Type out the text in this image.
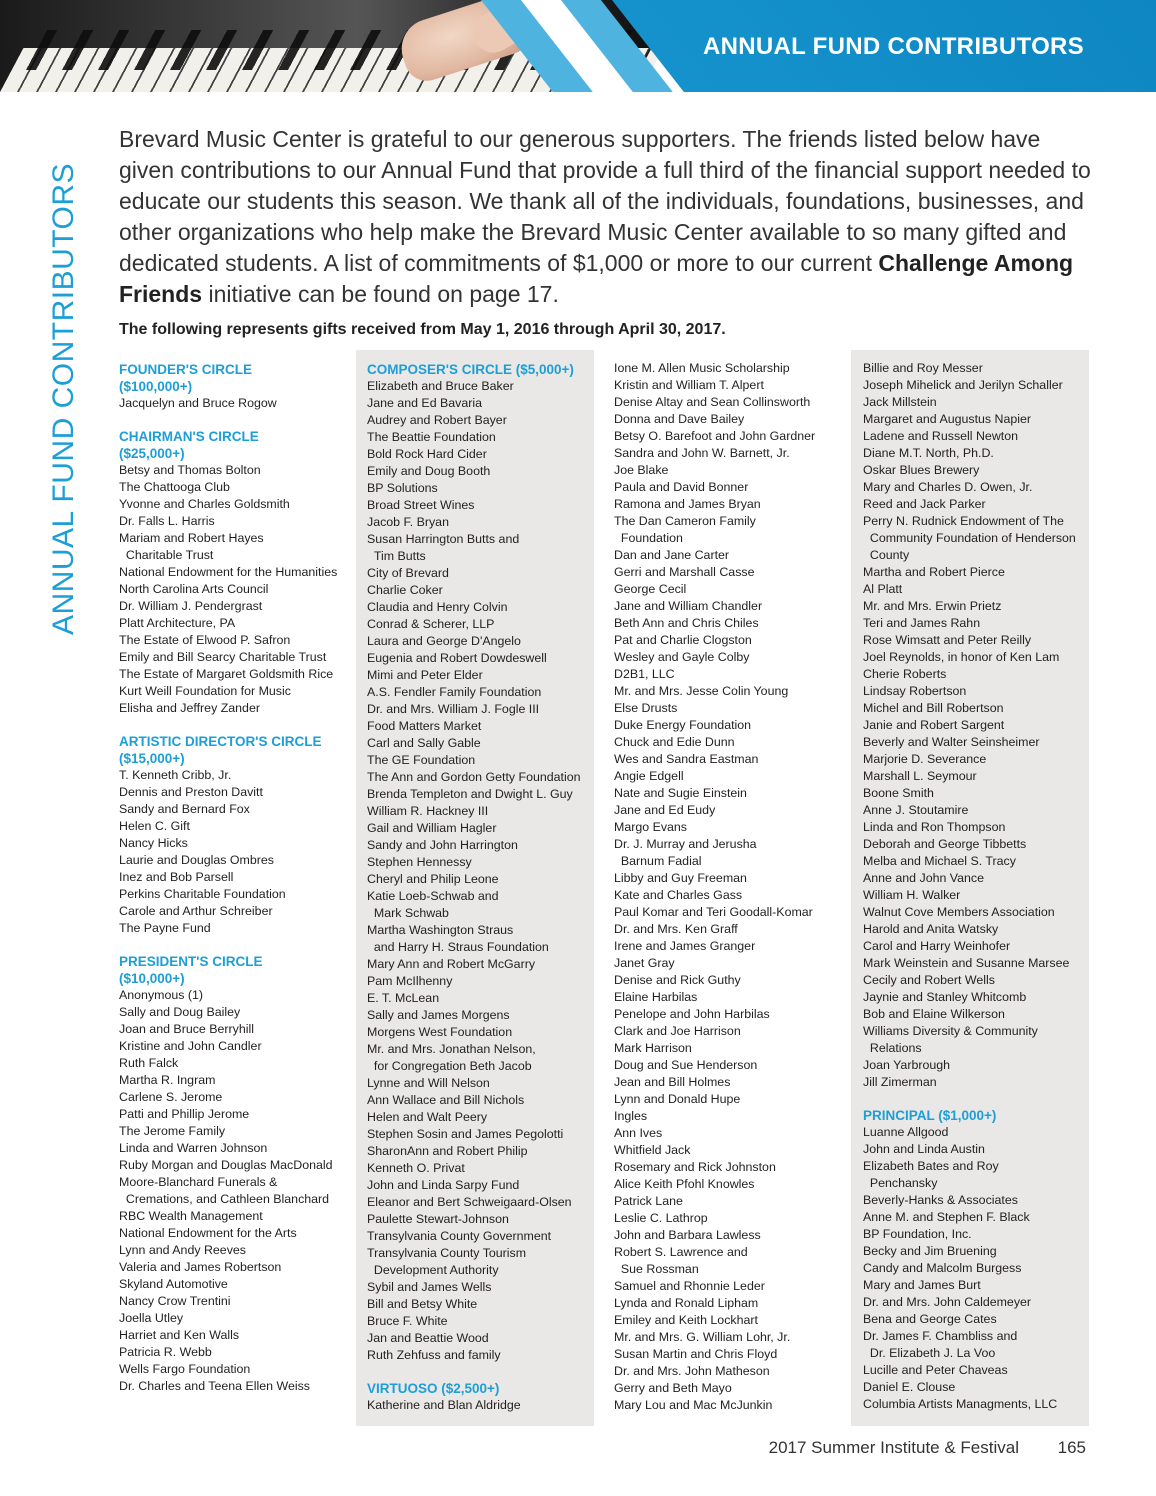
ANNUAL FUND CONTRIBUTORS
ANNUAL FUND CONTRIBUTORS
Brevard Music Center is grateful to our generous supporters. The friends listed below have given contributions to our Annual Fund that provide a full third of the financial support needed to educate our students this season. We thank all of the individuals, foundations, businesses, and other organizations who help make the Brevard Music Center available to so many gifted and dedicated students. A list of commitments of $1,000 or more to our current Challenge Among Friends initiative can be found on page 17.
The following represents gifts received from May 1, 2016 through April 30, 2017.
FOUNDER'S CIRCLE
($100,000+)
Jacquelyn and Bruce Rogow
CHAIRMAN'S CIRCLE
($25,000+)
Betsy and Thomas Bolton
The Chattooga Club
Yvonne and Charles Goldsmith
Dr. Falls L. Harris
Mariam and Robert Hayes
Charitable Trust
National Endowment for the Humanities
North Carolina Arts Council
Dr. William J. Pendergrast
Platt Architecture, PA
The Estate of Elwood P. Safron
Emily and Bill Searcy Charitable Trust
The Estate of Margaret Goldsmith Rice
Kurt Weill Foundation for Music
Elisha and Jeffrey Zander
ARTISTIC DIRECTOR'S CIRCLE
($15,000+)
T. Kenneth Cribb, Jr.
Dennis and Preston Davitt
Sandy and Bernard Fox
Helen C. Gift
Nancy Hicks
Laurie and Douglas Ombres
Inez and Bob Parsell
Perkins Charitable Foundation
Carole and Arthur Schreiber
The Payne Fund
PRESIDENT'S CIRCLE
($10,000+)
Anonymous (1)
Sally and Doug Bailey
Joan and Bruce Berryhill
Kristine and John Candler
Ruth Falck
Martha R. Ingram
Carlene S. Jerome
Patti and Phillip Jerome
The Jerome Family
Linda and Warren Johnson
Ruby Morgan and Douglas MacDonald
Moore-Blanchard Funerals &
Cremations, and Cathleen Blanchard
RBC Wealth Management
National Endowment for the Arts
Lynn and Andy Reeves
Valeria and James Robertson
Skyland Automotive
Nancy Crow Trentini
Joella Utley
Harriet and Ken Walls
Patricia R. Webb
Wells Fargo Foundation
Dr. Charles and Teena Ellen Weiss
COMPOSER'S CIRCLE ($5,000+)
Elizabeth and Bruce Baker
Jane and Ed Bavaria
Audrey and Robert Bayer
The Beattie Foundation
Bold Rock Hard Cider
Emily and Doug Booth
BP Solutions
Broad Street Wines
Jacob F. Bryan
Susan Harrington Butts and
Tim Butts
City of Brevard
Charlie Coker
Claudia and Henry Colvin
Conrad & Scherer, LLP
Laura and George D'Angelo
Eugenia and Robert Dowdeswell
Mimi and Peter Elder
A.S. Fendler Family Foundation
Dr. and Mrs. William J. Fogle III
Food Matters Market
Carl and Sally Gable
The GE Foundation
The Ann and Gordon Getty Foundation
Brenda Templeton and Dwight L. Guy
William R. Hackney III
Gail and William Hagler
Sandy and John Harrington
Stephen Hennessy
Cheryl and Philip Leone
Katie Loeb-Schwab and
Mark Schwab
Martha Washington Straus
and Harry H. Straus Foundation
Mary Ann and Robert McGarry
Pam McIlhenny
E. T. McLean
Sally and James Morgens
Morgens West Foundation
Mr. and Mrs. Jonathan Nelson,
for Congregation Beth Jacob
Lynne and Will Nelson
Ann Wallace and Bill Nichols
Helen and Walt Peery
Stephen Sosin and James Pegolotti
SharonAnn and Robert Philip
Kenneth O. Privat
John and Linda Sarpy Fund
Eleanor and Bert Schweigaard-Olsen
Paulette Stewart-Johnson
Transylvania County Government
Transylvania County Tourism
Development Authority
Sybil and James Wells
Bill and Betsy White
Bruce F. White
Jan and Beattie Wood
Ruth Zehfuss and family
VIRTUOSO ($2,500+)
Katherine and Blan Aldridge
Ione M. Allen Music Scholarship
Kristin and William T. Alpert
Denise Altay and Sean Collinsworth
Donna and Dave Bailey
Betsy O. Barefoot and John Gardner
Sandra and John W. Barnett, Jr.
Joe Blake
Paula and David Bonner
Ramona and James Bryan
The Dan Cameron Family
Foundation
Dan and Jane Carter
Gerri and Marshall Casse
George Cecil
Jane and William Chandler
Beth Ann and Chris Chiles
Pat and Charlie Clogston
Wesley and Gayle Colby
D2B1, LLC
Mr. and Mrs. Jesse Colin Young
Else Drusts
Duke Energy Foundation
Chuck and Edie Dunn
Wes and Sandra Eastman
Angie Edgell
Nate and Sugie Einstein
Jane and Ed Eudy
Margo Evans
Dr. J. Murray and Jerusha
Barnum Fadial
Libby and Guy Freeman
Kate and Charles Gass
Paul Komar and Teri Goodall-Komar
Dr. and Mrs. Ken Graff
Irene and James Granger
Janet Gray
Denise and Rick Guthy
Elaine Harbilas
Penelope and John Harbilas
Clark and Joe Harrison
Mark Harrison
Doug and Sue Henderson
Jean and Bill Holmes
Lynn and Donald Hupe
Ingles
Ann Ives
Whitfield Jack
Rosemary and Rick Johnston
Alice Keith Pfohl Knowles
Patrick Lane
Leslie C. Lathrop
John and Barbara Lawless
Robert S. Lawrence and
Sue Rossman
Samuel and Rhonnie Leder
Lynda and Ronald Lipham
Emiley and Keith Lockhart
Mr. and Mrs. G. William Lohr, Jr.
Susan Martin and Chris Floyd
Dr. and Mrs. John Matheson
Gerry and Beth Mayo
Mary Lou and Mac McJunkin
Billie and Roy Messer
Joseph Mihelick and Jerilyn Schaller
Jack Millstein
Margaret and Augustus Napier
Ladene and Russell Newton
Diane M.T. North, Ph.D.
Oskar Blues Brewery
Mary and Charles D. Owen, Jr.
Reed and Jack Parker
Perry N. Rudnick Endowment of The
Community Foundation of Henderson
County
Martha and Robert Pierce
Al Platt
Mr. and Mrs. Erwin Prietz
Teri and James Rahn
Rose Wimsatt and Peter Reilly
Joel Reynolds, in honor of Ken Lam
Cherie Roberts
Lindsay Robertson
Michel and Bill Robertson
Janie and Robert Sargent
Beverly and Walter Seinsheimer
Marjorie D. Severance
Marshall L. Seymour
Boone Smith
Anne J. Stoutamire
Linda and Ron Thompson
Deborah and George Tibbetts
Melba and Michael S. Tracy
Anne and John Vance
William H. Walker
Walnut Cove Members Association
Harold and Anita Watsky
Carol and Harry Weinhofer
Mark Weinstein and Susanne Marsee
Cecily and Robert Wells
Jaynie and Stanley Whitcomb
Bob and Elaine Wilkerson
Williams Diversity & Community
Relations
Joan Yarbrough
Jill Zimerman
PRINCIPAL ($1,000+)
Luanne Allgood
John and Linda Austin
Elizabeth Bates and Roy
Penchansky
Beverly-Hanks & Associates
Anne M. and Stephen F. Black
BP Foundation, Inc.
Becky and Jim Bruening
Candy and Malcolm Burgess
Mary and James Burt
Dr. and Mrs. John Caldemeyer
Bena and George Cates
Dr. James F. Chambliss and
Dr. Elizabeth J. La Voo
Lucille and Peter Chaveas
Daniel E. Clouse
Columbia Artists Managments, LLC
2017 Summer Institute & Festival 165
